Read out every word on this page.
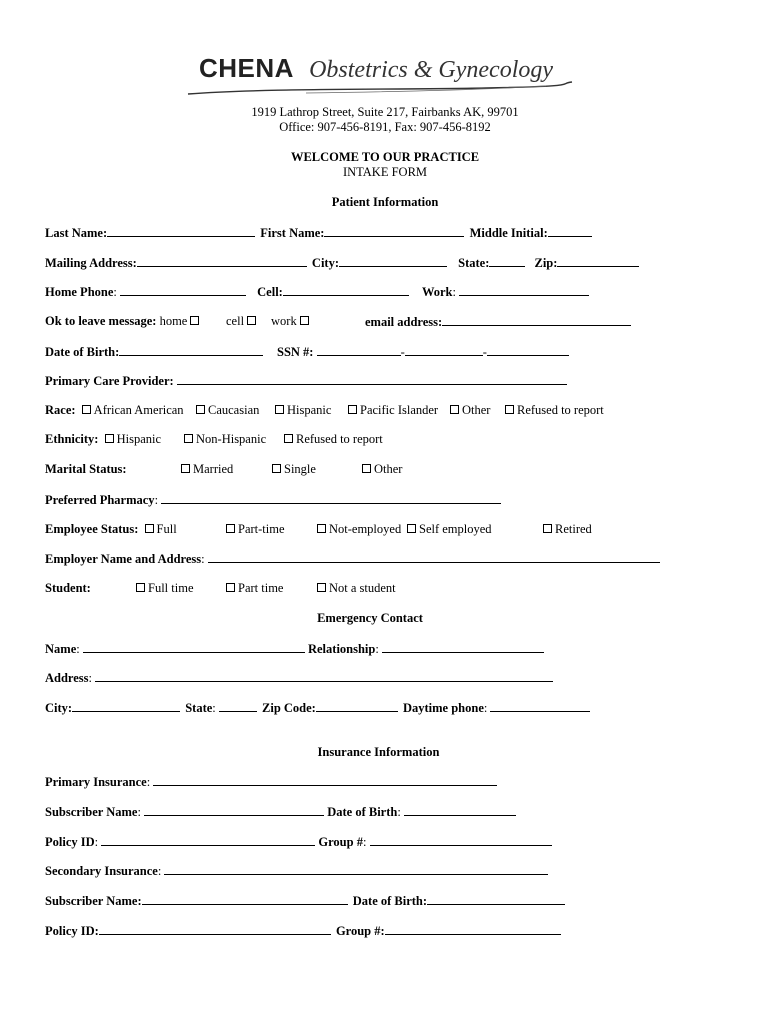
CHENA Obstetrics & Gynecology
1919 Lathrop Street, Suite 217, Fairbanks AK, 99701
Office: 907-456-8191, Fax: 907-456-8192
WELCOME TO OUR PRACTICE
INTAKE FORM
Patient Information
Last Name:	First Name:	Middle Initial:
Mailing Address:	City:	State:	Zip:
Home Phone:	Cell:	Work:
Ok to leave message: home	cell	work	email address:
Date of Birth:	SSN #:	-	-
Primary Care Provider:
Race: African American	Caucasian	Hispanic	Pacific Islander	Other	Refused to report
Ethnicity: Hispanic	Non-Hispanic	Refused to report
Marital Status:	Married	Single	Other
Preferred Pharmacy:
Employee Status: Full	Part-time	Not-employed	Self employed	Retired
Employer Name and Address:
Student:	Full time	Part time	Not a student
Emergency Contact
Name:	Relationship:
Address:
City:	State:	Zip Code:	Daytime phone:
Insurance Information
Primary Insurance:
Subscriber Name:	Date of Birth:
Policy ID:	Group #:
Secondary Insurance:
Subscriber Name:	Date of Birth:
Policy ID:	Group #:
